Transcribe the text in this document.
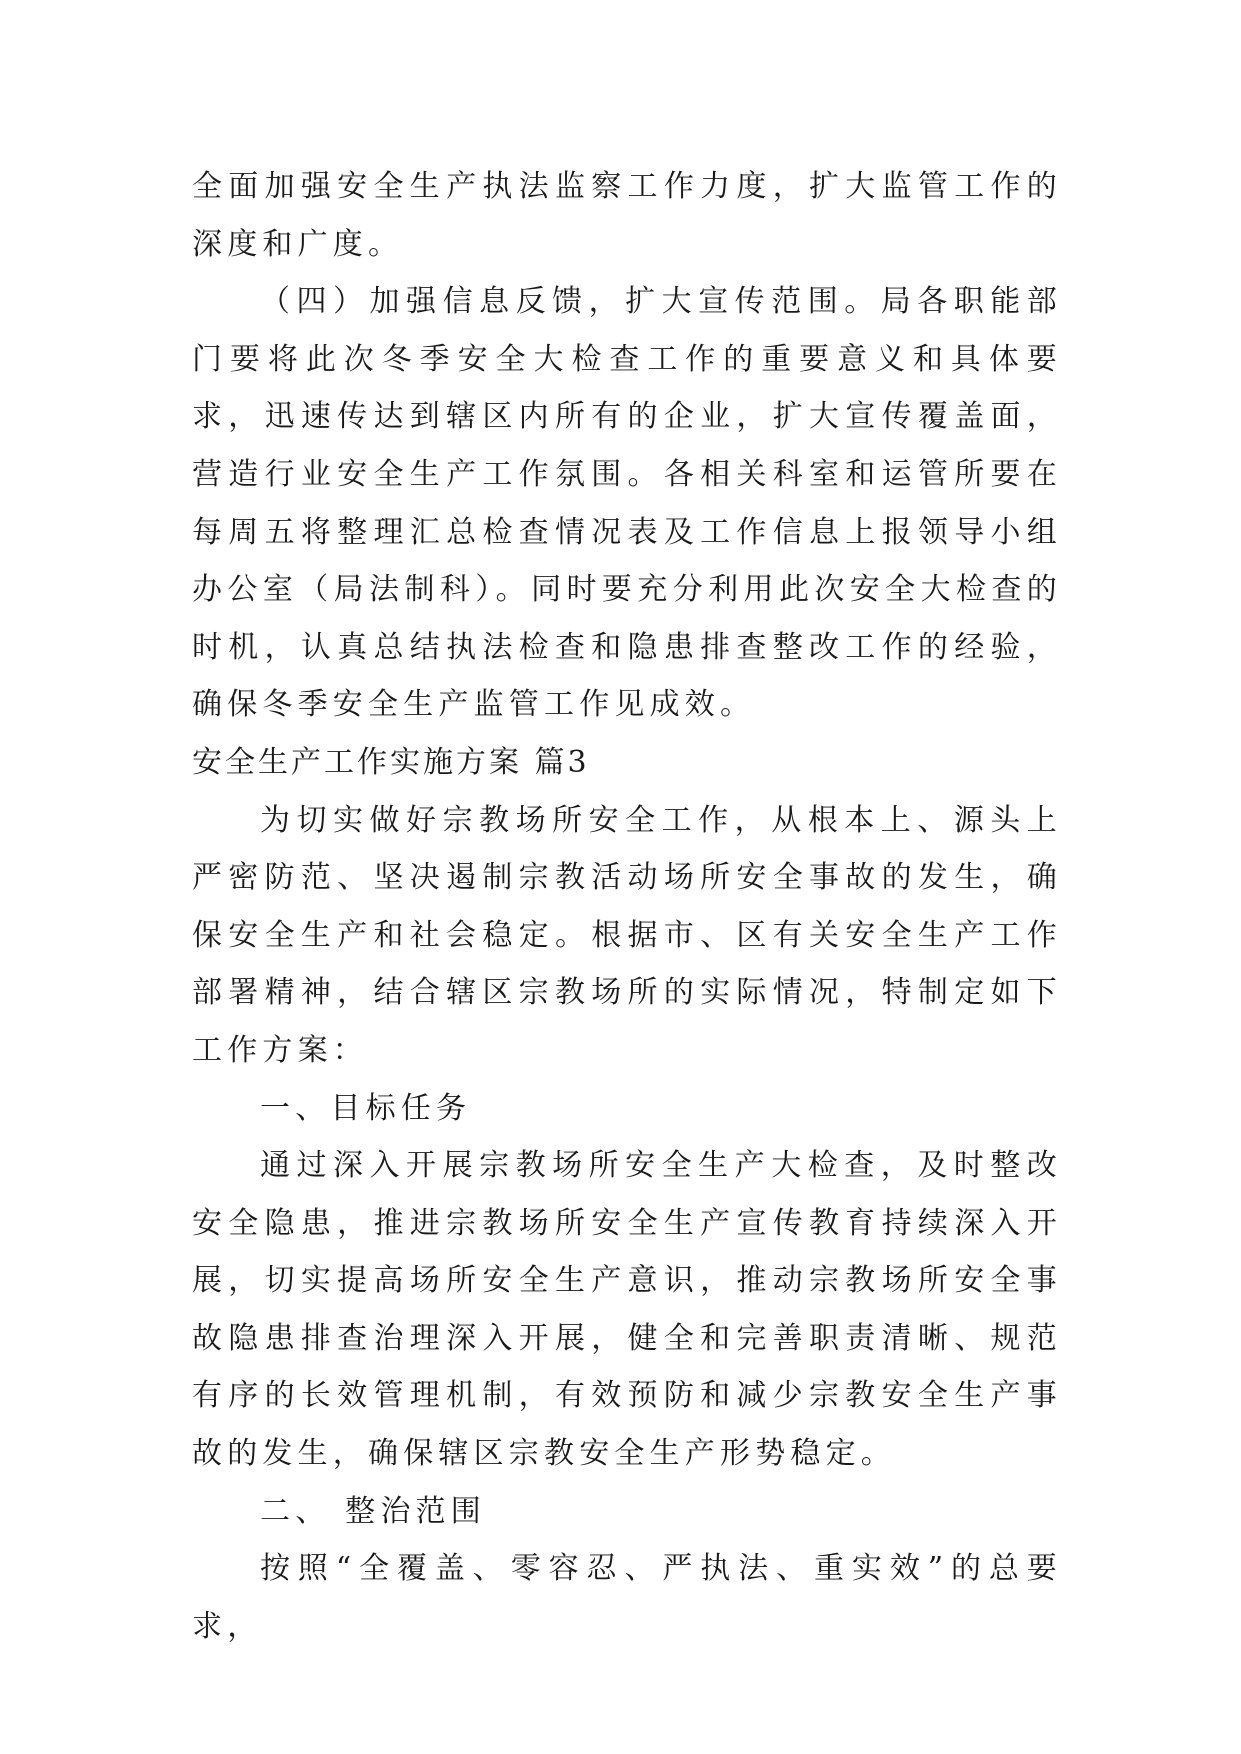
全面加强安全生产执法监察工作力度，扩大监管工作的深度和广度。

（四）加强信息反馈，扩大宣传范围。局各职能部门要将此次冬季安全大检查工作的重要意义和具体要求，迅速传达到辖区内所有的企业，扩大宣传覆盖面，营造行业安全生产工作氛围。各相关科室和运管所要在每周五将整理汇总检查情况表及工作信息上报领导小组办公室（局法制科）。同时要充分利用此次安全大检查的时机，认真总结执法检查和隐患排查整改工作的经验，确保冬季安全生产监管工作见成效。

安全生产工作实施方案 篇3

为切实做好宗教场所安全工作，从根本上、源头上严密防范、坚决遏制宗教活动场所安全事故的发生，确保安全生产和社会稳定。根据市、区有关安全生产工作部署精神，结合辖区宗教场所的实际情况，特制定如下工作方案：

一、目标任务

通过深入开展宗教场所安全生产大检查，及时整改安全隐患，推进宗教场所安全生产宣传教育持续深入开展，切实提高场所安全生产意识，推动宗教场所安全事故隐患排查治理深入开展，健全和完善职责清晰、规范有序的长效管理机制，有效预防和减少宗教安全生产事故的发生，确保辖区宗教安全生产形势稳定。

二、 整治范围

按照“全覆盖、零容忍、严执法、重实效”的总要求，
